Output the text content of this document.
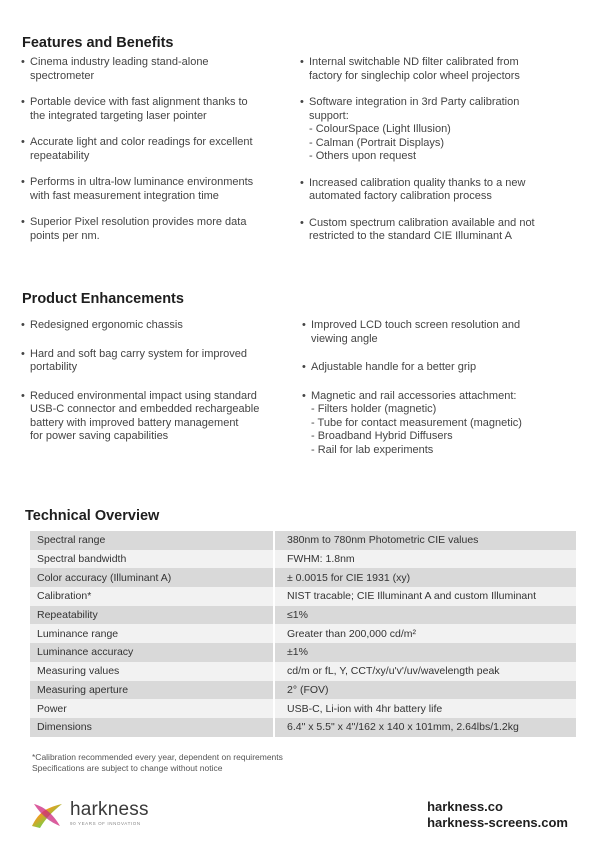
Features and Benefits
• Cinema industry leading stand-alone
spectrometer
• Portable device with fast alignment thanks to
the integrated targeting laser pointer
• Accurate light and color readings for excellent
repeatability
• Performs in ultra-low luminance environments
with fast measurement integration time
• Superior Pixel resolution provides more data
points per nm.
• Internal switchable ND filter calibrated from
factory for singlechip color wheel projectors
• Software integration in 3rd Party calibration
support:
- ColourSpace (Light Illusion)
- Calman (Portrait Displays)
- Others upon request
• Increased calibration quality thanks to a new
automated factory calibration process
• Custom spectrum calibration available and not
restricted to the standard CIE Illuminant A
Product Enhancements
• Redesigned ergonomic chassis
• Hard and soft bag carry system for improved
portability
• Reduced environmental impact using standard
USB-C connector and embedded rechargeable
battery with improved battery management
for power saving capabilities
• Improved LCD touch screen resolution and
viewing angle
• Adjustable handle for a better grip
• Magnetic and rail accessories attachment:
- Filters holder (magnetic)
- Tube for contact measurement (magnetic)
- Broadband Hybrid Diffusers
- Rail for lab experiments
Technical Overview
Spectral range	380nm to 780nm Photometric CIE values
Spectral bandwidth	FWHM: 1.8nm
Color accuracy (Illuminant A)	± 0.0015 for CIE 1931 (xy)
Calibration*	NIST tracable; CIE Illuminant A and custom Illuminant
Repeatability	≤1%
Luminance range	Greater than 200,000 cd/m²
Luminance accuracy	±1%
Measuring values	cd/m or fL, Y, CCT/xy/u'v'/uv/wavelength peak
Measuring aperture	2° (FOV)
Power	USB-C, Li-ion with 4hr battery life
Dimensions	6.4" x 5.5" x 4"/162 x 140 x 101mm, 2.64lbs/1.2kg
*Calibration recommended every year, dependent on requirements
Specifications are subject to change without notice
harkness
90 YEARS OF INNOVATION
harkness.co
harkness-screens.com
